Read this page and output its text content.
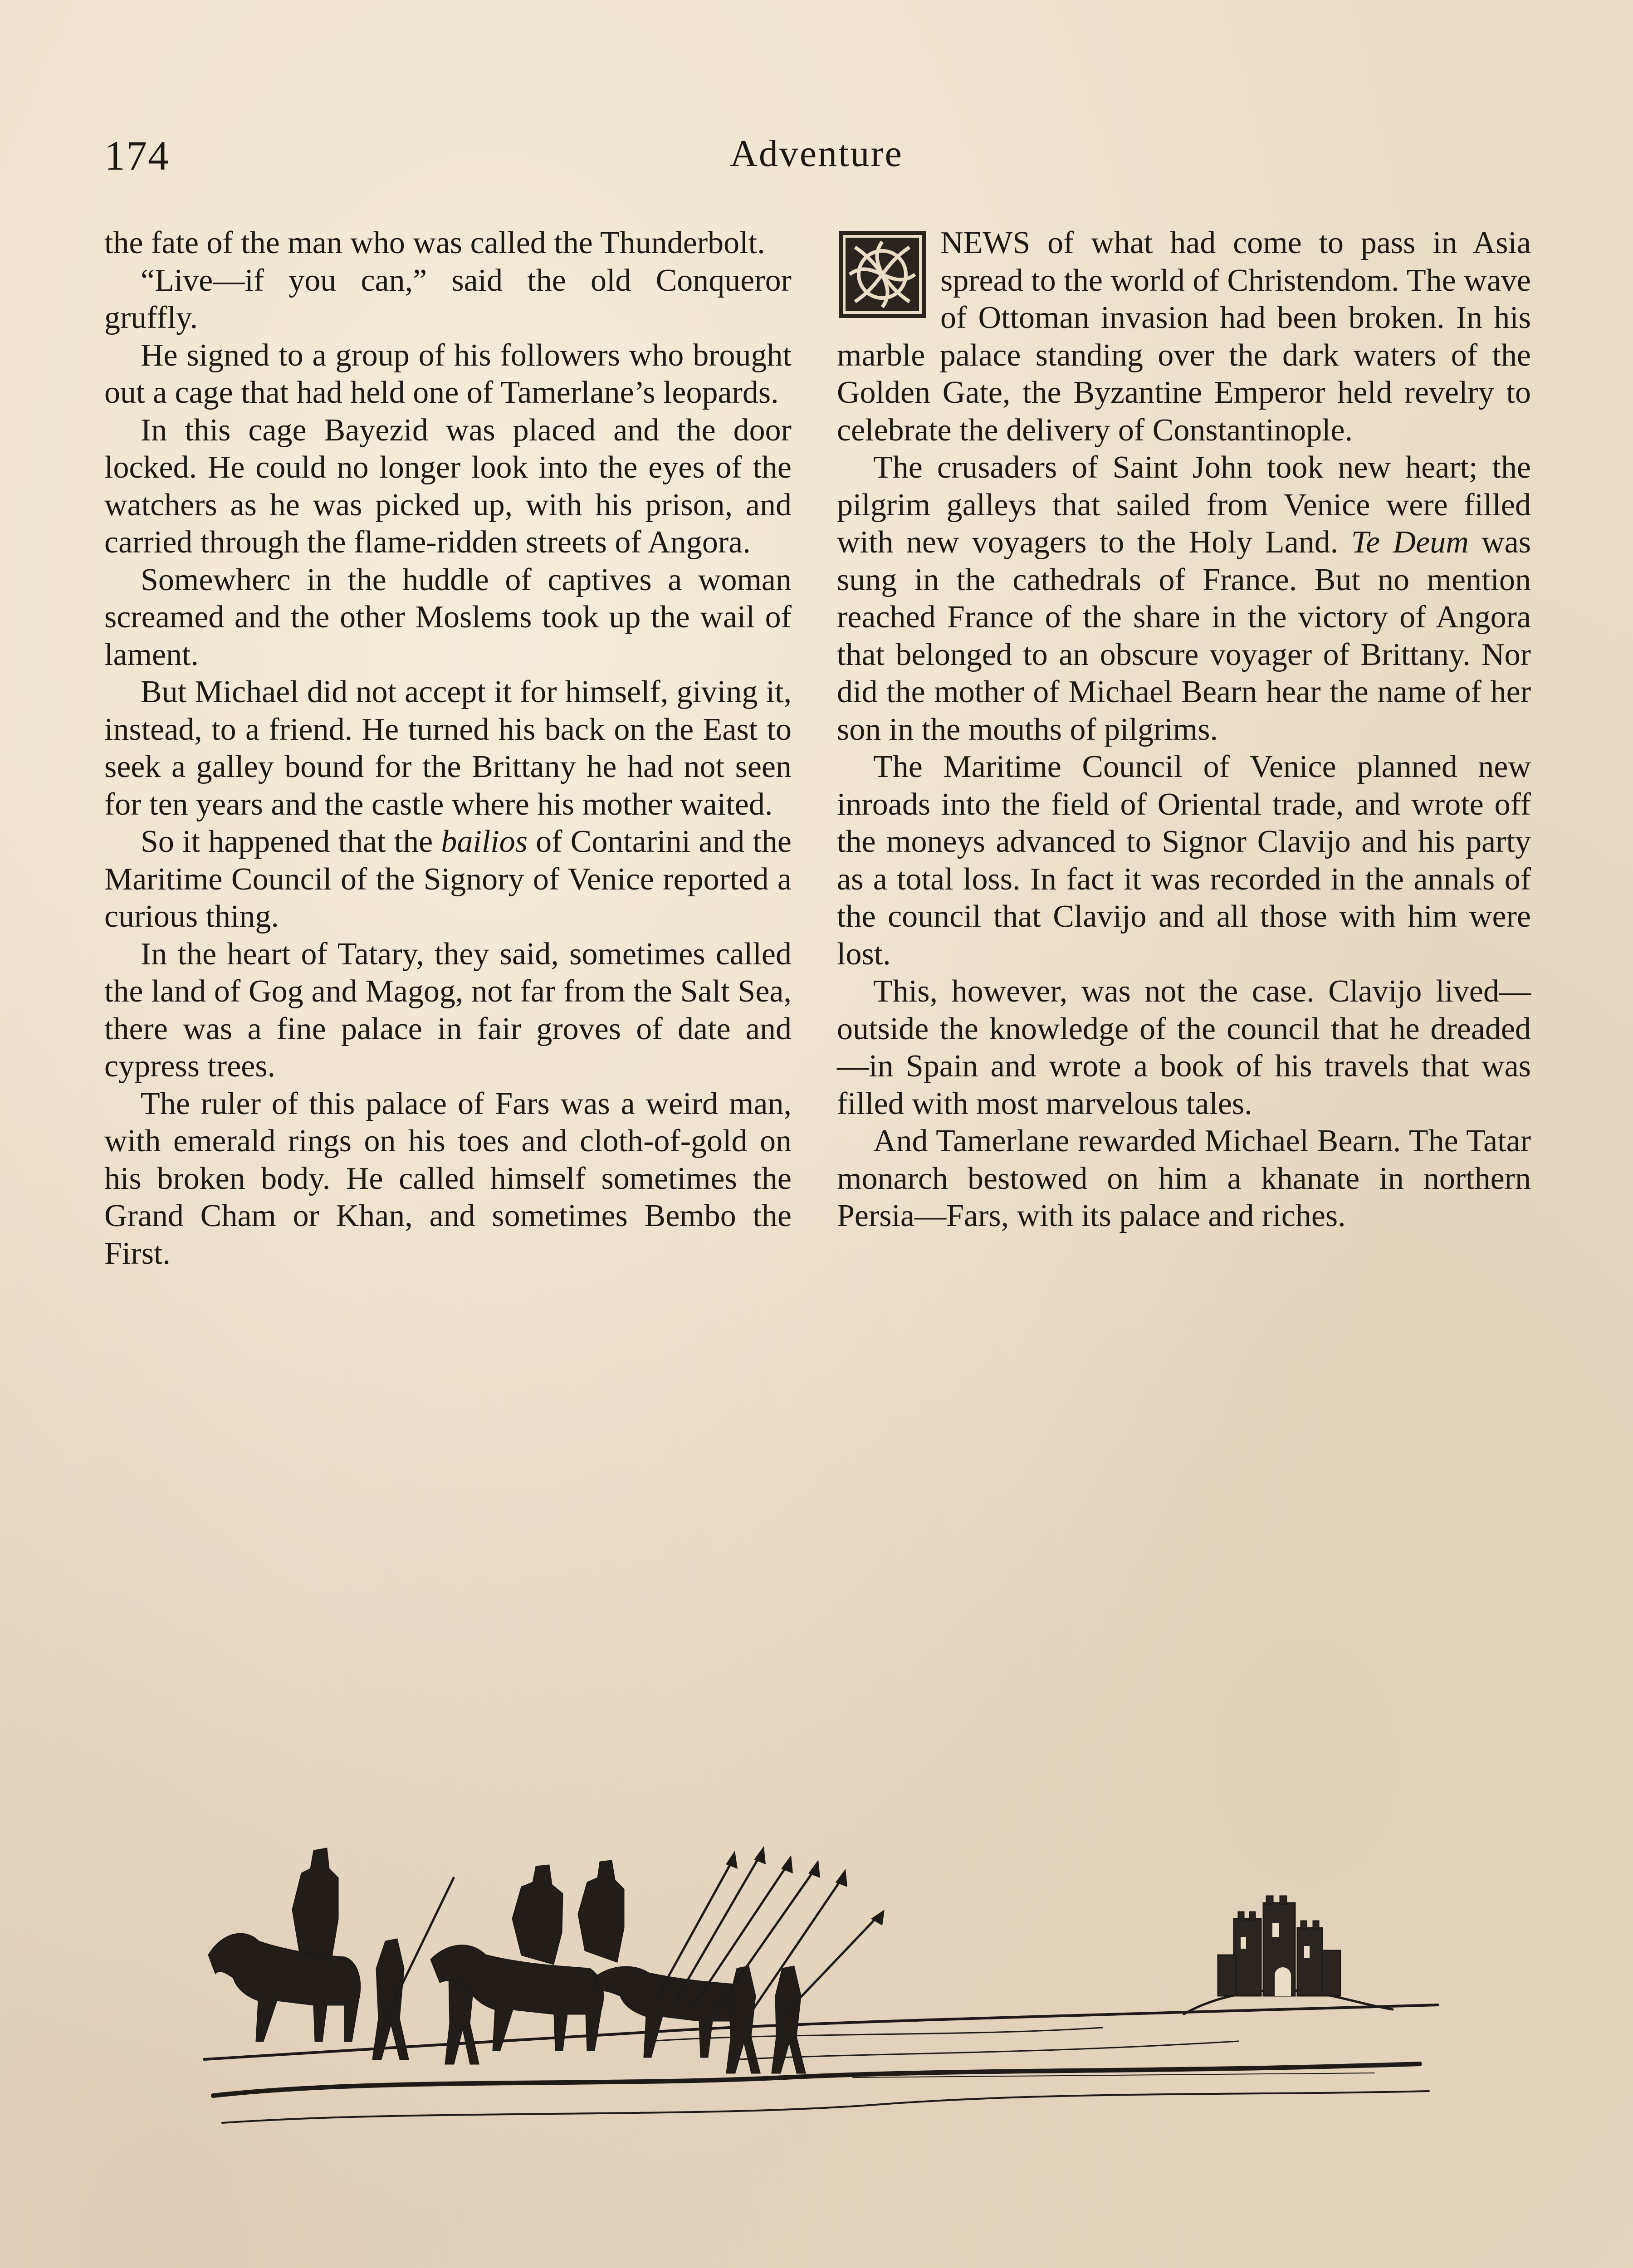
174	Adventure

the fate of the man who was called the Thunderbolt.

“Live—if you can,” said the old Conqueror gruffly.

He signed to a group of his followers who brought out a cage that had held one of Tamerlane’s leopards.

In this cage Bayezid was placed and the door locked. He could no longer look into the eyes of the watchers as he was picked up, with his prison, and carried through the flame-ridden streets of Angora.

Somewherc in the huddle of captives a woman screamed and the other Moslems took up the wail of lament.

But Michael did not accept it for himself, giving it, instead, to a friend. He turned his back on the East to seek a galley bound for the Brittany he had not seen for ten years and the castle where his mother waited.

So it happened that the bailios of Contarini and the Maritime Council of the Signory of Venice reported a curious thing.

In the heart of Tatary, they said, sometimes called the land of Gog and Magog, not far from the Salt Sea, there was a fine palace in fair groves of date and cypress trees.

The ruler of this palace of Fars was a weird man, with emerald rings on his toes and cloth-of-gold on his broken body. He called himself sometimes the Grand Cham or Khan, and sometimes Bembo the First.

NEWS of what had come to pass in Asia spread to the world of Christendom. The wave of Ottoman invasion had been broken. In his marble palace standing over the dark waters of the Golden Gate, the Byzantine Emperor held revelry to celebrate the delivery of Constantinople.

The crusaders of Saint John took new heart; the pilgrim galleys that sailed from Venice were filled with new voyagers to the Holy Land. Te Deum was sung in the cathedrals of France. But no mention reached France of the share in the victory of Angora that belonged to an obscure voyager of Brittany. Nor did the mother of Michael Bearn hear the name of her son in the mouths of pilgrims.

The Maritime Council of Venice planned new inroads into the field of Oriental trade, and wrote off the moneys advanced to Signor Clavijo and his party as a total loss. In fact it was recorded in the annals of the council that Clavijo and all those with him were lost.

This, however, was not the case. Clavijo lived—outside the knowledge of the council that he dreaded—in Spain and wrote a book of his travels that was filled with most marvelous tales.

And Tamerlane rewarded Michael Bearn. The Tatar monarch bestowed on him a khanate in northern Persia—Fars, with its palace and riches.
